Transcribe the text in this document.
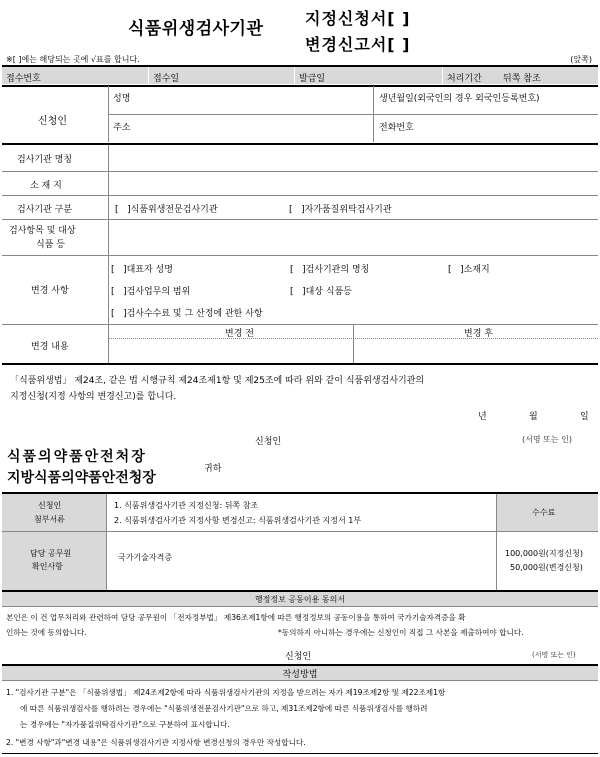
식품위생검사기관
지정신청서[ ]
변경신고서[ ]
※[ ]에는 해당되는 곳에 √표를 합니다.	(앞쪽)
접수번호	접수일	발급일	처리기간 뒤쪽 참조
신청인
성명	생년월일(외국인의 경우 외국인등록번호)
주소	전화번호
검사기관 명칭
소 재 지
검사기관 구분	[   ]식품위생전문검사기관	[   ]자가품질위탁검사기관
검사항목 및 대상
식품 등
변경 사항
[   ]대표자 성명	[   ]검사기관의 명칭	[   ]소재지
[   ]검사업무의 범위	[   ]대상 식품등
[   ]검사수수료 및 그 산정에 관한 사항
변경 내용
변경 전	변경 후
「식품위생법」 제24조, 같은 법 시행규칙 제24조제1항 및 제25조에 따라 위와 같이 식품위생검사기관의
지정신청(지정 사항의 변경신고)를 합니다.
년	월	일
신청인	(서명 또는 인)
식품의약품안전처장
지방식품의약품안전청장
귀하
신청인
첨부서류
1. 식품위생검사기관 지정신청: 뒤쪽 참조
2. 식품위생검사기관 지정사항 변경신고: 식품위생검사기관 지정서 1부
수수료
담당 공무원
확인사항
국가기술자격증	100,000원(지정신청)
50,000원(변경신청)
행정정보 공동이용 동의서
본인은 이 건 업무처리와 관련하여 담당 공무원이 「전자정부법」 제36조제1항에 따른 행정정보의 공동이용을 통하여 국가기술자격증을 확
인하는 것에 동의합니다.	*동의하지 아니하는 경우에는 신청인이 직접 그 사본을 제출하여야 합니다.
신청인	(서명 또는 인)
작성방법
1. "검사기관 구분"은 「식품위생법」 제24조제2항에 따라 식품위생검사기관의 지정을 받으려는 자가 제19조제2항 및 제22조제1항
에 따른 식품위생검사를 행하려는 경우에는 "식품위생전문검사기관"으로 하고, 제31조제2항에 따른 식품위생검사를 행하려
는 경우에는 "자가품질위탁검사기관"으로 구분하여 표시합니다.
2. "변경 사항"과"변경 내용"은 식품위생검사기관 지정사항 변경신청의 경우만 작성합니다.
